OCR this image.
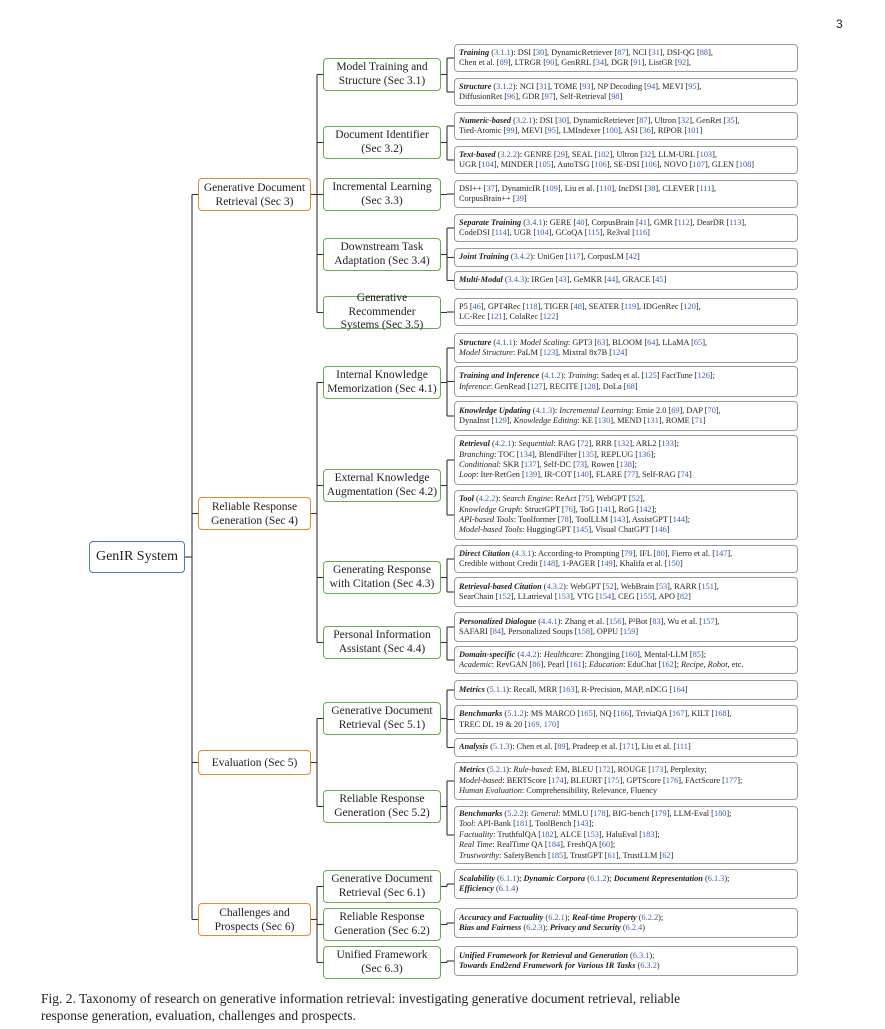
3
GenIR System
Generative Document
Retrieval (Sec 3)
Model Training and
Structure (Sec 3.1)
Training (3.1.1): DSI [30], DynamicRetriever [87], NCI [31], DSI-QG [88],
Chen et al. [89], LTRGR [90], GenRRL [34], DGR [91], ListGR [92],
Structure (3.1.2): NCI [31], TOME [93], NP Decoding [94], MEVI [95],
DiffusionRet [96], GDR [97], Self-Retrieval [98]
Document Identifier
(Sec 3.2)
Numeric-based (3.2.1): DSI [30], DynamicRetriever [87], Ultron [32], GenRet [35],
Tied-Atomic [99], MEVI [95], LMIndexer [100], ASI [36], RIPOR [101]
Text-based (3.2.2): GENRE [29], SEAL [102], Ultron [32], LLM-URL [103],
UGR [104], MINDER [105], AutoTSG [106], SE-DSI [106], NOVO [107], GLEN [108]
Incremental Learning
(Sec 3.3)
DSI++ [37], DynamicIR [109], Liu et al. [110], IncDSI [38], CLEVER [111],
CorpusBrain++ [39]
Downstream Task
Adaptation (Sec 3.4)
Separate Training (3.4.1): GERE [40], CorpusBrain [41], GMR [112], DearDR [113],
CodeDSI [114], UGR [104], GCoQA [115], Re3val [116]
Joint Training (3.4.2): UniGen [117], CorpusLM [42]
Multi-Modal (3.4.3): IRGen [43], GeMKR [44], GRACE [45]
Generative Recommender
Systems (Sec 3.5)
P5 [46], GPT4Rec [118], TIGER [48], SEATER [119], IDGenRec [120],
LC-Rec [121], ColaRec [122]
Reliable Response
Generation (Sec 4)
Internal Knowledge
Memorization (Sec 4.1)
Structure (4.1.1): Model Scaling: GPT3 [63], BLOOM [64], LLaMA [65],
Model Structure: PaLM [123], Mixtral 8x7B [124]
Training and Inference (4.1.2): Training: Sadeq et al. [125] FactTune [126];
Inference: GenRead [127], RECITE [128], DoLa [68]
Knowledge Updating (4.1.3): Incremental Learning: Ernie 2.0 [69], DAP [70],
DynaInst [129], Knowledge Editing: KE [130], MEND [131], ROME [71]
External Knowledge
Augmentation (Sec 4.2)
Retrieval (4.2.1): Sequential: RAG [72], RRR [132], ARL2 [133];
Branching: TOC [134], BlendFilter [135], REPLUG [136];
Conditional: SKR [137], Self-DC [73], Rowen [138];
Loop: Iter-RetGen [139], IR-COT [140], FLARE [77], Self-RAG [74]
Tool (4.2.2): Search Engine: ReAct [75], WebGPT [52],
Knowledge Graph: StructGPT [76], ToG [141], RoG [142];
API-based Tools: Toolformer [78], ToolLLM [143], AssistGPT [144];
Model-based Tools: HuggingGPT [145], Visual ChatGPT [146]
Generating Response
with Citation (Sec 4.3)
Direct Citation (4.3.1): According-to Prompting [79], IFL [80], Fierro et al. [147],
Credible without Credit [148], 1-PAGER [149], Khalifa et al. [150]
Retrieval-based Citation (4.3.2): WebGPT [52], WebBrain [53], RARR [151],
SearChain [152], LLatrieval [153], VTG [154], CEG [155], APO [82]
Personal Information
Assistant (Sec 4.4)
Personalized Dialogue (4.4.1): Zhang et al. [156], P²Bot [83], Wu et al. [157],
SAFARI [84], Personalized Soups [158], OPPU [159]
Domain-specific (4.4.2): Healthcare: Zhongjing [160], Mental-LLM [85];
Academic: RevGAN [86], Pearl [161]; Education: EduChat [162]; Recipe, Robot, etc.
Evaluation (Sec 5)
Generative Document
Retrieval (Sec 5.1)
Metrics (5.1.1): Recall, MRR [163], R-Precision, MAP, nDCG [164]
Benchmarks (5.1.2): MS MARCO [165], NQ [166], TriviaQA [167], KILT [168],
TREC DL 19 & 20 [169, 170]
Analysis (5.1.3): Chen et al. [89], Pradeep et al. [171], Liu et al. [111]
Reliable Response
Generation (Sec 5.2)
Metrics (5.2.1): Rule-based: EM, BLEU [172], ROUGE [173], Perplexity;
Model-based: BERTScore [174], BLEURT [175], GPTScore [176], FActScore [177];
Human Evaluation: Comprehensibility, Relevance, Fluency
Benchmarks (5.2.2): General: MMLU [178], BIG-bench [179], LLM-Eval [180];
Tool: API-Bank [181], ToolBench [143];
Factuality: TruthfulQA [182], ALCE [153], HaluEval [183];
Real Time: RealTime QA [184], FreshQA [60];
Trustworthy: SafetyBench [185], TrustGPT [61], TrustLLM [62]
Challenges and
Prospects (Sec 6)
Generative Document
Retrieval (Sec 6.1)
Scalability (6.1.1); Dynamic Corpora (6.1.2); Document Representation (6.1.3);
Efficiency (6.1.4)
Reliable Response
Generation (Sec 6.2)
Accuracy and Factuality (6.2.1); Real-time Property (6.2.2);
Bias and Fairness (6.2.3); Privacy and Security (6.2.4)
Unified Framework
(Sec 6.3)
Unified Framework for Retrieval and Generation (6.3.1);
Towards End2end Framework for Various IR Tasks (6.3.2)
Fig. 2. Taxonomy of research on generative information retrieval: investigating generative document retrieval, reliable
response generation, evaluation, challenges and prospects.
